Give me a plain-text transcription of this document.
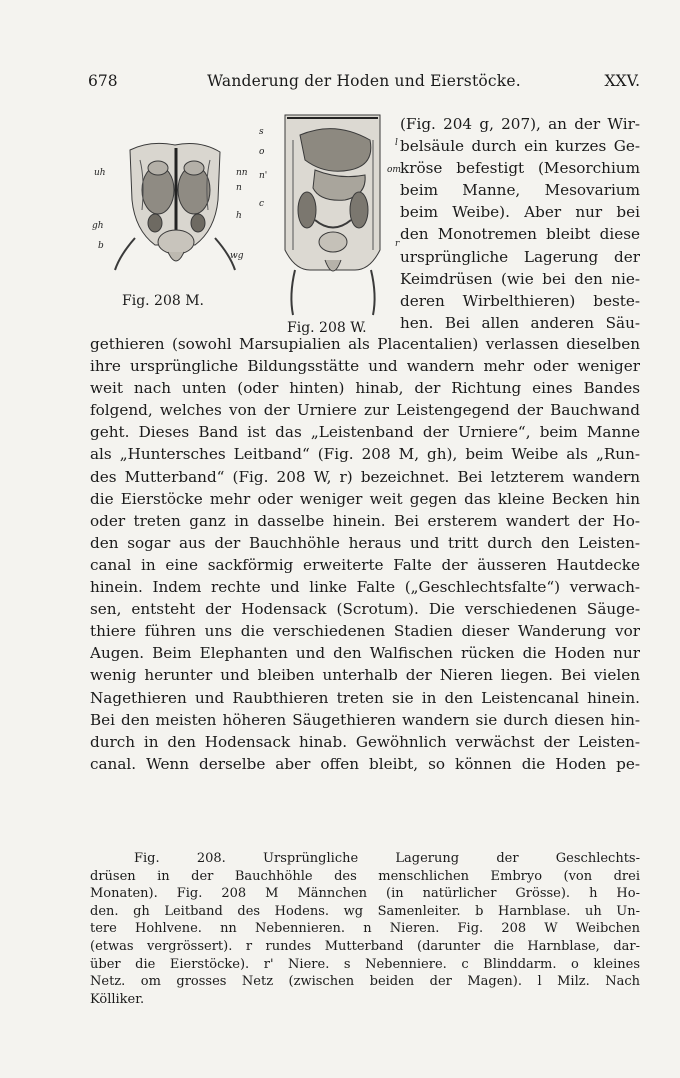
678	Wanderung der Hoden und Eierstöcke.	XXV.
uh	nn
n
gh
h
b
wg
Fig. 208 M.
s
o
n'
c
l
om
r
Fig. 208 W.
(Fig. 204 g, 207), an der Wir-
belsäule durch ein kurzes Ge-
kröse befestigt (Mesorchium
beim Manne, Mesovarium
beim Weibe). Aber nur bei
den Monotremen bleibt diese
ursprüngliche Lagerung der
Keimdrüsen (wie bei den nie-
deren Wirbelthieren) beste-
hen. Bei allen anderen Säu-
gethieren (sowohl Marsupialien als Placentalien) verlassen dieselben
ihre ursprüngliche Bildungsstätte und wandern mehr oder weniger
weit nach unten (oder hinten) hinab, der Richtung eines Bandes
folgend, welches von der Urniere zur Leistengegend der Bauchwand
geht. Dieses Band ist das „Leistenband der Urniere“, beim Manne
als „Huntersches Leitband“ (Fig. 208 M, gh), beim Weibe als „Run-
des Mutterband“ (Fig. 208 W, r) bezeichnet. Bei letzterem wandern
die Eierstöcke mehr oder weniger weit gegen das kleine Becken hin
oder treten ganz in dasselbe hinein. Bei ersterem wandert der Ho-
den sogar aus der Bauchhöhle heraus und tritt durch den Leisten-
canal in eine sackförmig erweiterte Falte der äusseren Hautdecke
hinein. Indem rechte und linke Falte („Geschlechtsfalte“) verwach-
sen, entsteht der Hodensack (Scrotum). Die verschiedenen Säuge-
thiere führen uns die verschiedenen Stadien dieser Wanderung vor
Augen. Beim Elephanten und den Walfischen rücken die Hoden nur
wenig herunter und bleiben unterhalb der Nieren liegen. Bei vielen
Nagethieren und Raubthieren treten sie in den Leistencanal hinein.
Bei den meisten höheren Säugethieren wandern sie durch diesen hin-
durch in den Hodensack hinab. Gewöhnlich verwächst der Leisten-
canal. Wenn derselbe aber offen bleibt, so können die Hoden pe-
Fig. 208. Ursprüngliche Lagerung der Geschlechts-
drüsen in der Bauchhöhle des menschlichen Embryo (von drei
Monaten). Fig. 208 M Männchen (in natürlicher Grösse). h Ho-
den. gh Leitband des Hodens. wg Samenleiter. b Harnblase. uh Un-
tere Hohlvene. nn Nebennieren. n Nieren. Fig. 208 W Weibchen
(etwas vergrössert). r rundes Mutterband (darunter die Harnblase, dar-
über die Eierstöcke). r' Niere. s Nebenniere. c Blinddarm. o kleines
Netz. om grosses Netz (zwischen beiden der Magen). l Milz. Nach
Kölliker.
